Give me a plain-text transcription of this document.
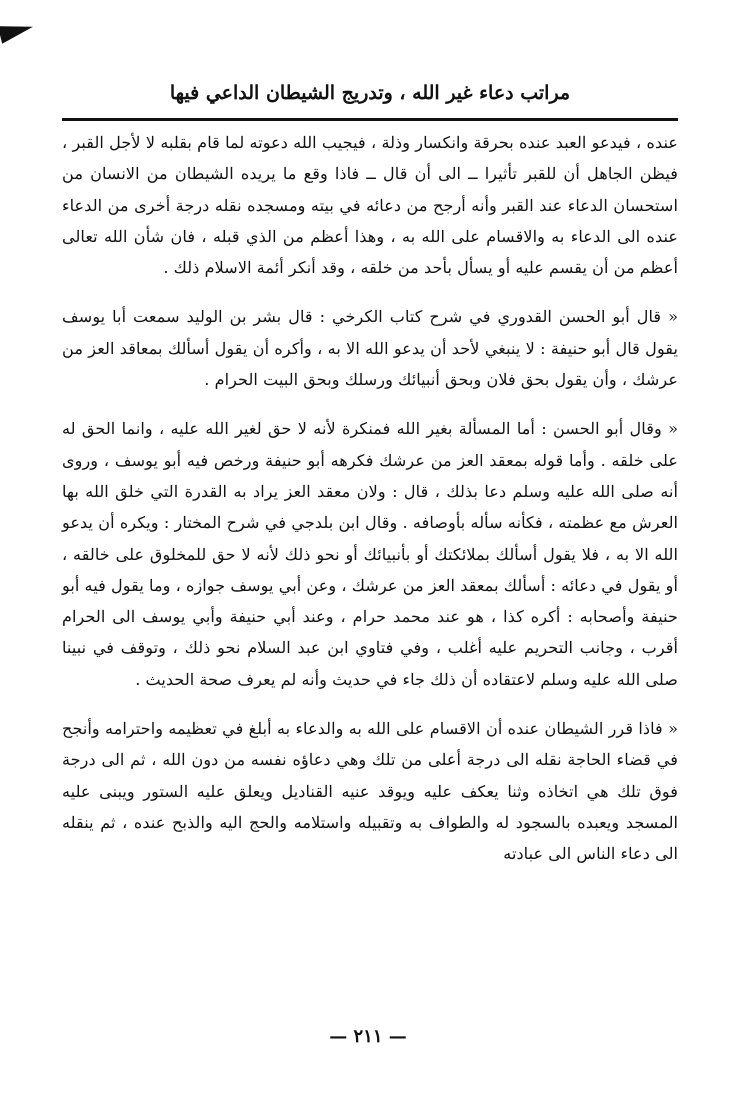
مراتب دعاء غير الله ، وتدريج الشيطان الداعي فيها

عنده ، فيدعو العبد عنده بحرقة وانكسار وذلة ، فيجيب الله دعوته لما قام بقلبه لا لأجل القبر ، فيظن الجاهل أن للقبر تأثيرا ــ الى أن قال ــ فاذا وقع ما يريده الشيطان من الانسان من استحسان الدعاء عند القبر وأنه أرجح من دعائه في بيته ومسجده نقله درجة أخرى من الدعاء عنده الى الدعاء به والاقسام على الله به ، وهذا أعظم من الذي قبله ، فان شأن الله تعالى أعظم من أن يقسم عليه أو يسأل بأحد من خلقه ، وقد أنكر أئمة الاسلام ذلك .

« قال أبو الحسن القدوري في شرح كتاب الكرخي : قال بشر بن الوليد سمعت أبا يوسف يقول قال أبو حنيفة : لا ينبغي لأحد أن يدعو الله الا به ، وأكره أن يقول أسألك بمعاقد العز من عرشك ، وأن يقول بحق فلان وبحق أنبيائك ورسلك وبحق البيت الحرام .

« وقال أبو الحسن : أما المسألة بغير الله فمنكرة لأنه لا حق لغير الله عليه ، وانما الحق له على خلقه . وأما قوله بمعقد العز من عرشك فكرهه أبو حنيفة ورخص فيه أبو يوسف ، وروى أنه صلى الله عليه وسلم دعا بذلك ، قال : ولان معقد العز يراد به القدرة التي خلق الله بها العرش مع عظمته ، فكأنه سأله بأوصافه . وقال ابن بلدجي في شرح المختار : ويكره أن يدعو الله الا به ، فلا يقول أسألك بملائكتك أو بأنبيائك أو نحو ذلك لأنه لا حق للمخلوق على خالقه ، أو يقول في دعائه : أسألك بمعقد العز من عرشك ، وعن أبي يوسف جوازه ، وما يقول فيه أبو حنيفة وأصحابه : أكره كذا ، هو عند محمد حرام ، وعند أبي حنيفة وأبي يوسف الى الحرام أقرب ، وجانب التحريم عليه أغلب ، وفي فتاوي ابن عبد السلام نحو ذلك ، وتوقف في نبينا صلى الله عليه وسلم لاعتقاده أن ذلك جاء في حديث وأنه لم يعرف صحة الحديث .

« فاذا قرر الشيطان عنده أن الاقسام على الله به والدعاء به أبلغ في تعظيمه واحترامه وأنجح في قضاء الحاجة نقله الى درجة أعلى من تلك وهي دعاؤه نفسه من دون الله ، ثم الى درجة فوق تلك هي اتخاذه وثنا يعكف عليه ويوقد عنيه القناديل ويعلق عليه الستور ويبنى عليه المسجد ويعبده بالسجود له والطواف به وتقبيله واستلامه والحج اليه والذبح عنده ، ثم ينقله الى دعاء الناس الى عبادته

— ٢١١ —
